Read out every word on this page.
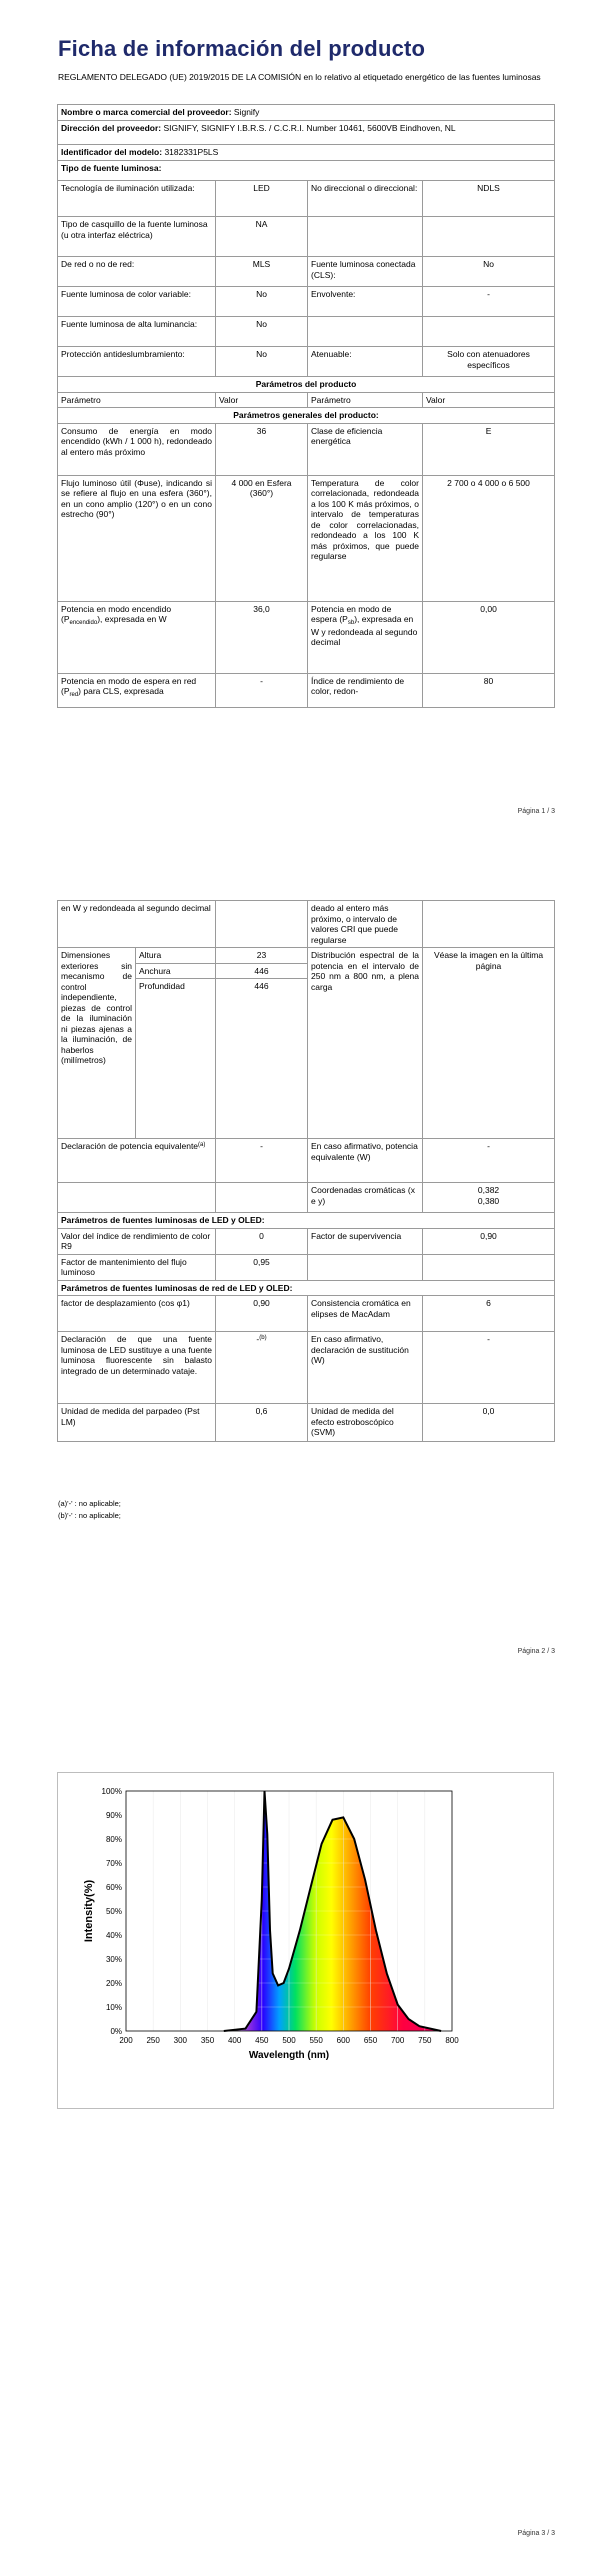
Ficha de información del producto
REGLAMENTO DELEGADO (UE) 2019/2015 DE LA COMISIÓN en lo relativo al etiquetado energético de las fuentes luminosas
Nombre o marca comercial del proveedor: Signify			
Dirección del proveedor: SIGNIFY, SIGNIFY I.B.R.S. / C.C.R.I. Number 10461, 5600VB Eindhoven, NL			
Identificador del modelo: 3182331P5LS			
Tipo de fuente luminosa:			
Tecnología de iluminación utilizada:	LED	No direccional o direccional:	NDLS
Tipo de casquillo de la fuente luminosa
(u otra interfaz eléctrica)	NA		
De red o no de red:	MLS	Fuente luminosa conectada (CLS):	No
Fuente luminosa de color variable:	No	Envolvente:	-
Fuente luminosa de alta luminancia:	No		
Protección antideslumbramiento:	No	Atenuable:	Solo con atenuadores específicos
Parámetros del producto			
Parámetro	Valor	Parámetro	Valor
Parámetros generales del producto:			
Consumo de energía en modo encendido (kWh / 1 000 h), redondeado al entero más próximo	36	Clase de eficiencia energética	E
Flujo luminoso útil (Φuse), indicando si se refiere al flujo en una esfera (360°), en un cono amplio (120°) o en un cono estrecho (90°)	4 000 en Esfera (360°)	Temperatura de color correlacionada, redondeada a los 100 K más próximos, o intervalo de temperaturas de color correlacionadas, redondeado a los 100 K más próximos, que puede regularse	2 700 o 4 000 o 6 500
Potencia en modo encendido $(P_{encendido})$, expresada en W	36,0	Potencia en modo de espera $(P_{sb})$, expresada en W y redondeada al segundo decimal	0,00
Potencia en modo de espera en red $(P_{red})$ para CLS, expresada	-	Índice de rendimiento de color, redon-	80
Página 1 / 3
en W y redondeada al segundo decimal			deado al entero más próximo, o intervalo de valores CRI que puede regularse	
Dimensiones exteriores sin mecanismo de control independiente, piezas de control de la iluminación ni piezas ajenas a la iluminación, de haberlos (milímetros)	Altura	23	Distribución espectral de la potencia en el intervalo de 250 nm a 800 nm, a plena carga	Véase la imagen en la última página
	Anchura	446		
	Profundidad	446		
Declaración de potencia equivalente$^{(a)}$		-	En caso afirmativo, potencia equivalente (W)	-
			Coordenadas cromáticas (x e y)	0,382
0,380
Parámetros de fuentes luminosas de LED y OLED:				
Valor del índice de rendimiento de color R9		0	Factor de supervivencia	0,90
Factor de mantenimiento del flujo luminoso		0,95		
Parámetros de fuentes luminosas de red de LED y OLED:				
factor de desplazamiento (cos φ1)		0,90	Consistencia cromática en elipses de MacAdam	6
Declaración de que una fuente luminosa de LED sustituye a una fuente luminosa fluorescente sin balasto integrado de un determinado vataje.		-$^{(b)}$	En caso afirmativo, declaración de sustitución (W)	-
Unidad de medida del parpadeo (Pst LM)		0,6	Unidad de medida del efecto estroboscópico (SVM)	0,0
(a)'-' : no aplicable;
(b)'-' : no aplicable;
Página 2 / 3
200 250 300 350 400 450 500 550 600 650 700 750 800
0%
10%
20%
30%
40%
50%
60%
70%
80%
90%
100%
Wavelength (nm)
Intensity(%)
Página 3 / 3
